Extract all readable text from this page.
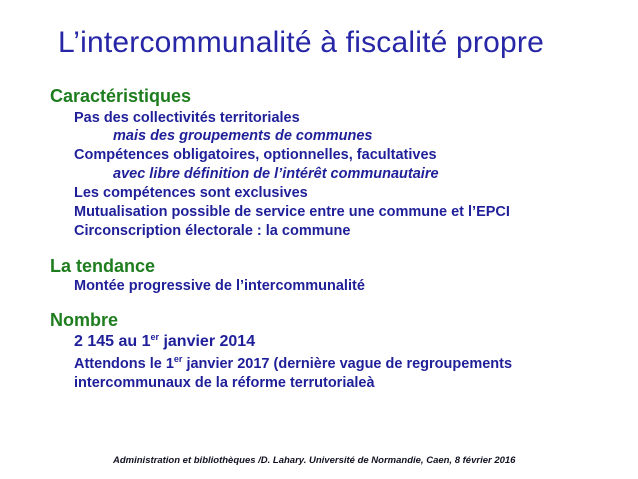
L’intercommunalité à fiscalité propre
Caractéristiques
Pas des collectivités territoriales
mais des groupements de communes
Compétences obligatoires, optionnelles, facultatives
avec libre définition de l’intérêt communautaire
Les compétences sont exclusives
Mutualisation possible de service entre une commune et l’EPCI
Circonscription électorale : la commune
La tendance
Montée progressive de l’intercommunalité
Nombre
2 145 au 1er janvier 2014
Attendons le 1er janvier 2017 (dernière vague de regroupements
intercommunaux de la réforme terrutorialeà
Administration et bibliothèques /D. Lahary. Université de Normandie, Caen, 8 février 2016
